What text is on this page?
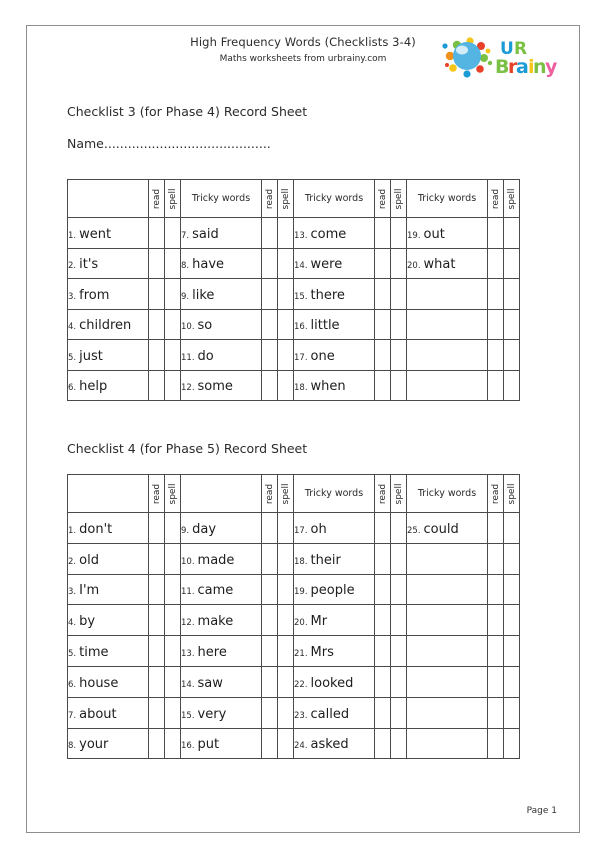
High Frequency Words (Checklists 3-4)
Maths worksheets from urbrainy.com	U R
B
r
a i
n
y
Checklist 3 (for Phase 4) Record Sheet
Name..........................................

	read	spell	Tricky words	read	spell	Tricky words	read	spell	Tricky words	read	spell

1. went			7. said			13. come			19. out		
2. it's			8. have			14. were			20. what		
3. from			9. like			15. there					
4. children			10. so			16. little					
5. just			11. do			17. one					
6. help			12. some			18. when					
Checklist 4 (for Phase 5) Record Sheet

	read	spell		read	spell	Tricky words	read	spell	Tricky words	read	spell

1. don't			9. day			17. oh			25. could		
2. old			10. made			18. their					
3. I'm			11. came			19. people					
4. by			12. make			20. Mr					
5. time			13. here			21. Mrs					
6. house			14. saw			22. looked					
7. about			15. very			23. called					
8. your			16. put			24. asked					
Page 1
